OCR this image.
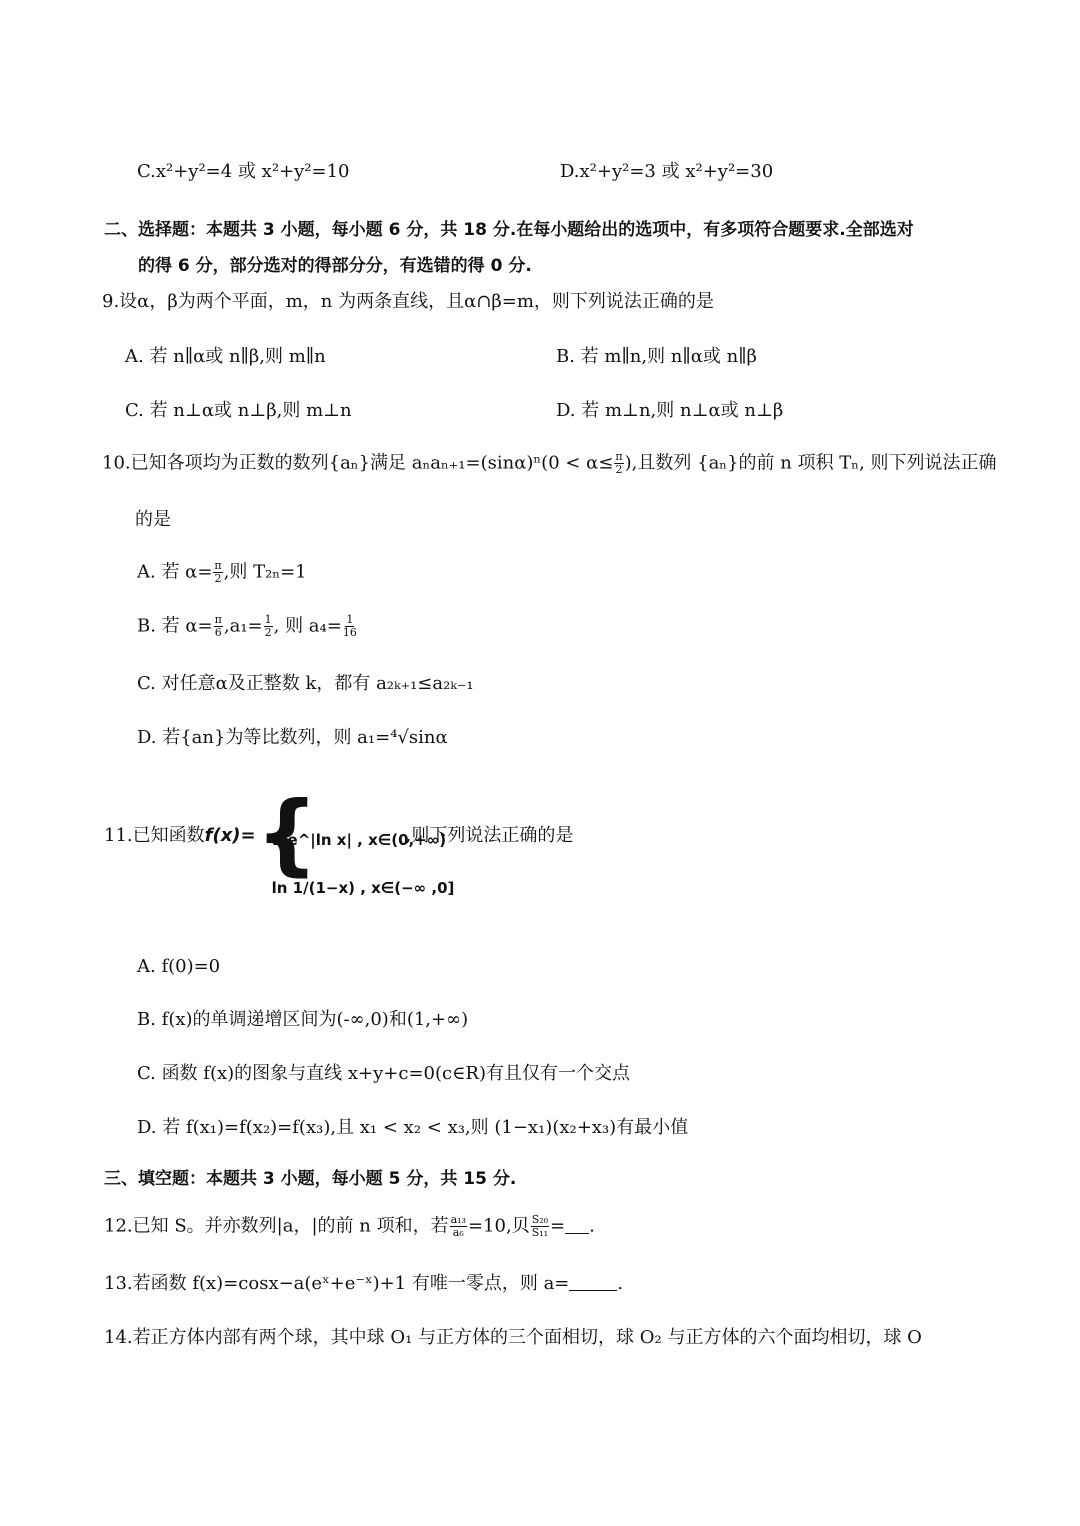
C.x²+y²=4 或 x²+y²=10	D.x²+y²=3 或 x²+y²=30
二、选择题：本题共 3 小题，每小题 6 分，共 18 分.在每小题给出的选项中，有多项符合题要求.全部选对
的得 6 分，部分选对的得部分分，有选错的得 0 分.
9.设α，β为两个平面，m，n 为两条直线，且α∩β=m，则下列说法正确的是
A. 若 n∥α或 n∥β,则 m∥n	B. 若 m∥n,则 n∥α或 n∥β
C. 若 n⊥α或 n⊥β,则 m⊥n	D. 若 m⊥n,则 n⊥α或 n⊥β
10.已知各项均为正数的数列{aₙ}满足 $a_na_{n+1}=(\sin\alpha)^n(0 < \alpha\le \frac{\pi}{2}$ ),且数列 {aₙ}的前 n 项积 Tₙ, 则下列说法正确
的是
A. 若 $\alpha= \frac{\pi}{2}$ ,则 T₂ₙ=1
B. 若 $\alpha= \frac{\pi}{6} ,a_1= \frac{1}{2}$ , 则 $a_4= \frac{1}{16}$
C. 对任意α及正整数 k，都有 a₂ₖ₊₁≤a₂ₖ₋₁
D. 若{an}为等比数列，则 a₁=⁴√sinα
11.已知函数f(x)= {
1/e^|ln x| , x∈(0,+∞)
ln 1/(1−x) , x∈(−∞ ,0]
,则下列说法正确的是
A. f(0)=0
B. f(x)的单调递增区间为(-∞,0)和(1,+∞)
C. 函数 f(x)的图象与直线 x+y+c=0(c∈R)有且仅有一个交点
D. 若 f(x₁)=f(x₂)=f(x₃),且 x₁ < x₂ < x₃,则 (1−x₁)(x₂+x₃)有最小值
三、填空题：本题共 3 小题，每小题 5 分，共 15 分.
12.已知 S。并亦数列|a，|的前 n 项和，若 $\frac{\text{a₁₃}}{\text{a₆}} =10$,贝 $\frac{\text{S₂₀}}{\text{S₁₁}}$ = .
13.若函数 f(x)=cosx−a(eˣ+e⁻ˣ)+1 有唯一零点，则 a=	.
14.若正方体内部有两个球，其中球 O₁ 与正方体的三个面相切，球 O₂ 与正方体的六个面均相切，球 O
